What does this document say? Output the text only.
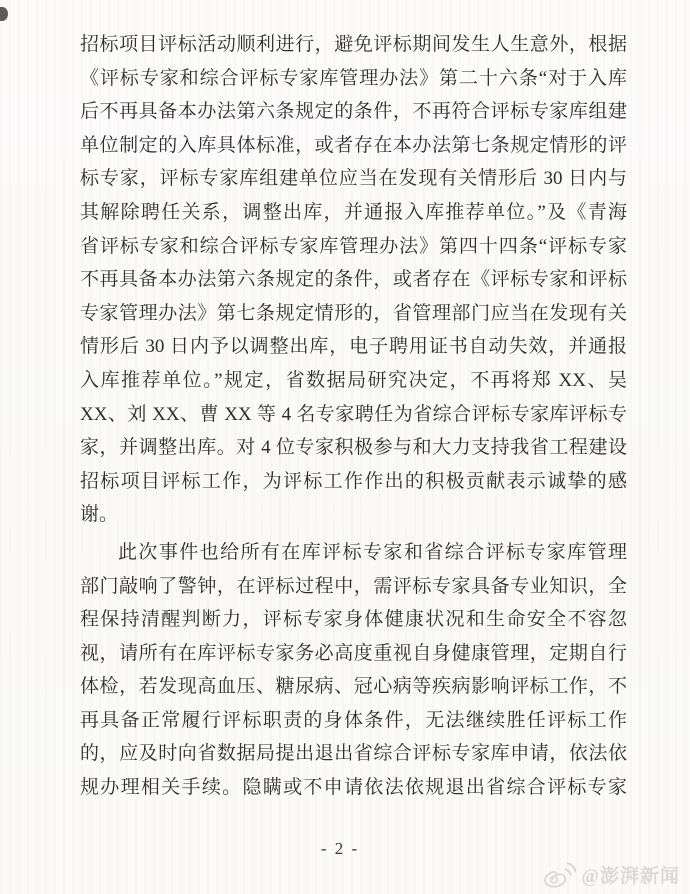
招标项目评标活动顺利进行，避免评标期间发生人生意外，根据
《评标专家和综合评标专家库管理办法》第二十六条“对于入库
后不再具备本办法第六条规定的条件，不再符合评标专家库组建
单位制定的入库具体标准，或者存在本办法第七条规定情形的评
标专家，评标专家库组建单位应当在发现有关情形后 30 日内与
其解除聘任关系，调整出库，并通报入库推荐单位。”及《青海
省评标专家和综合评标专家库管理办法》第四十四条“评标专家
不再具备本办法第六条规定的条件，或者存在《评标专家和评标
专家管理办法》第七条规定情形的，省管理部门应当在发现有关
情形后 30 日内予以调整出库，电子聘用证书自动失效，并通报
入库推荐单位。”规定，省数据局研究决定，不再将郑 XX、吴
XX、刘 XX、曹 XX 等 4 名专家聘任为省综合评标专家库评标专
家，并调整出库。对 4 位专家积极参与和大力支持我省工程建设
招标项目评标工作，为评标工作作出的积极贡献表示诚挚的感
谢。
此次事件也给所有在库评标专家和省综合评标专家库管理
部门敲响了警钟，在评标过程中，需评标专家具备专业知识，全
程保持清醒判断力，评标专家身体健康状况和生命安全不容忽
视，请所有在库评标专家务必高度重视自身健康管理，定期自行
体检，若发现高血压、糖尿病、冠心病等疾病影响评标工作，不
再具备正常履行评标职责的身体条件，无法继续胜任评标工作
的，应及时向省数据局提出退出省综合评标专家库申请，依法依
规办理相关手续。隐瞒或不申请依法依规退出省综合评标专家
- 2 -
@澎湃新闻
